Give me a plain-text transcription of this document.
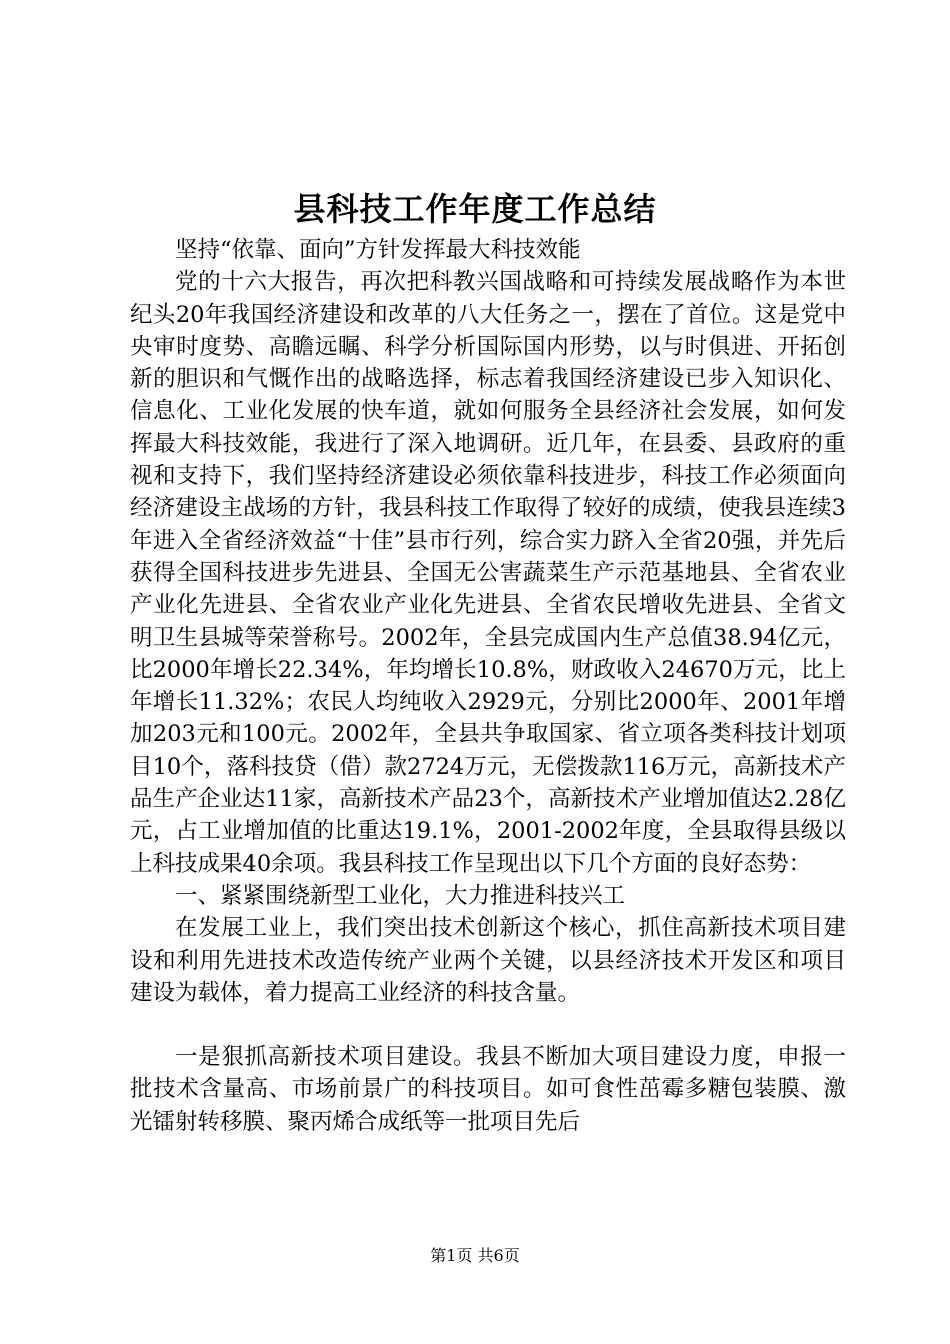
县科技工作年度工作总结

坚持“依靠、面向”方针发挥最大科技效能

党的十六大报告，再次把科教兴国战略和可持续发展战略作为本世纪头20年我国经济建设和改革的八大任务之一，摆在了首位。这是党中央审时度势、高瞻远瞩、科学分析国际国内形势，以与时俱进、开拓创新的胆识和气慨作出的战略选择，标志着我国经济建设已步入知识化、信息化、工业化发展的快车道，就如何服务全县经济社会发展，如何发挥最大科技效能，我进行了深入地调研。近几年，在县委、县政府的重视和支持下，我们坚持经济建设必须依靠科技进步，科技工作必须面向经济建设主战场的方针，我县科技工作取得了较好的成绩，使我县连续3年进入全省经济效益“十佳”县市行列，综合实力跻入全省20强，并先后获得全国科技进步先进县、全国无公害蔬菜生产示范基地县、全省农业产业化先进县、全省农业产业化先进县、全省农民增收先进县、全省文明卫生县城等荣誉称号。2002年，全县完成国内生产总值38.94亿元，比2000年增长22.34%，年均增长10.8%，财政收入24670万元，比上年增长11.32%；农民人均纯收入2929元，分别比2000年、2001年增加203元和100元。2002年，全县共争取国家、省立项各类科技计划项目10个，落科技贷（借）款2724万元，无偿拨款116万元，高新技术产品生产企业达11家，高新技术产品23个，高新技术产业增加值达2.28亿元，占工业增加值的比重达19.1%，2001-2002年度，全县取得县级以上科技成果40余项。我县科技工作呈现出以下几个方面的良好态势：

一、紧紧围绕新型工业化，大力推进科技兴工

在发展工业上，我们突出技术创新这个核心，抓住高新技术项目建设和利用先进技术改造传统产业两个关键，以县经济技术开发区和项目建设为载体，着力提高工业经济的科技含量。

一是狠抓高新技术项目建设。我县不断加大项目建设力度，申报一批技术含量高、市场前景广的科技项目。如可食性茁霉多糖包装膜、激光镭射转移膜、聚丙烯合成纸等一批项目先后

第1页 共6页
